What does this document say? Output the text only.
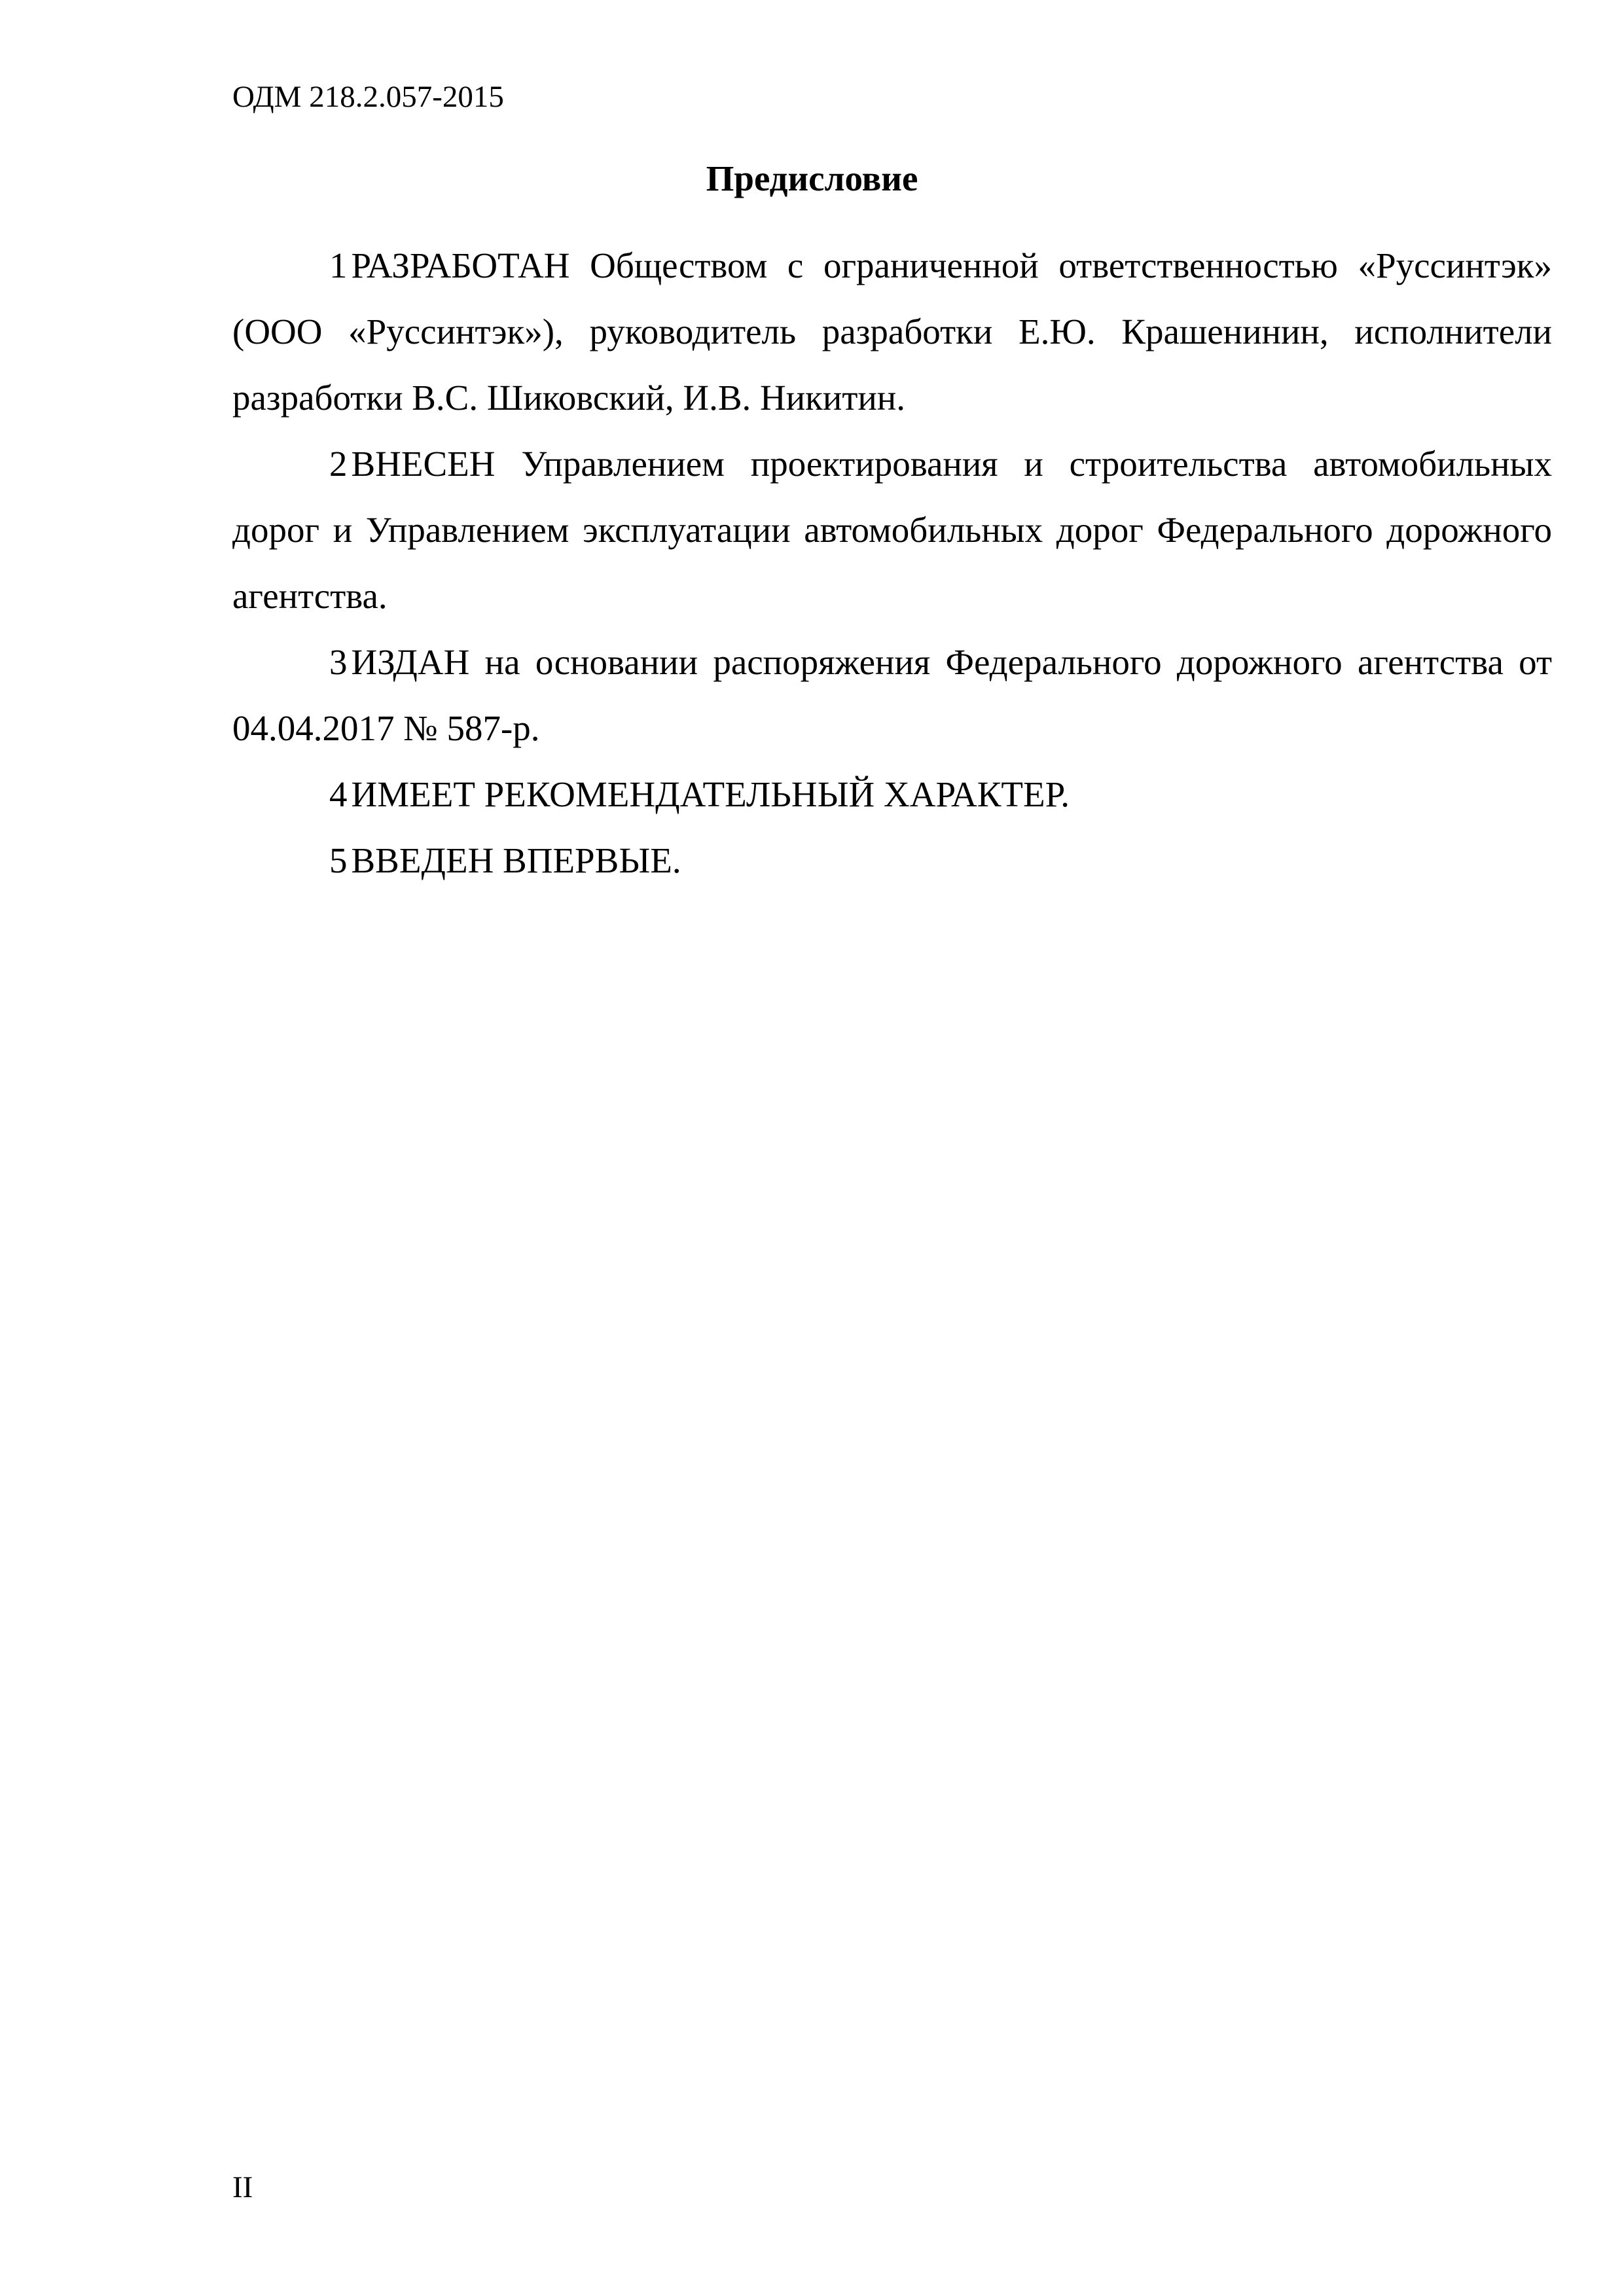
ОДМ 218.2.057-2015
Предисловие

1 РАЗРАБОТАН Обществом с ограниченной ответственностью «Руссинтэк» (ООО «Руссинтэк»), руководитель разработки Е.Ю. Крашенинин, исполнители разработки В.С. Шиковский, И.В. Никитин.

2 ВНЕСЕН Управлением проектирования и строительства автомобильных дорог и Управлением эксплуатации автомобильных дорог Федерального дорожного агентства.

3 ИЗДАН на основании распоряжения Федерального дорожного агентства от 04.04.2017 № 587-р.

4 ИМЕЕТ РЕКОМЕНДАТЕЛЬНЫЙ ХАРАКТЕР.

5 ВВЕДЕН ВПЕРВЫЕ.

II
